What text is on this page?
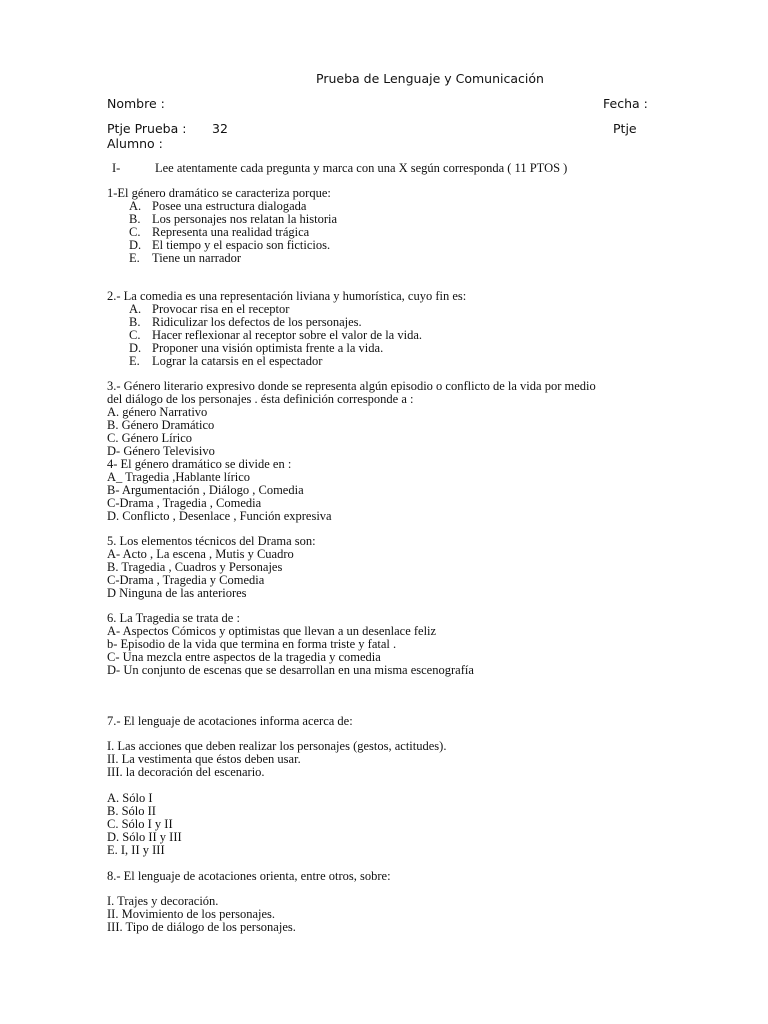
Prueba de Lenguaje y Comunicación
Nombre :	Fecha :
Ptje Prueba : 32	Ptje
Alumno :
I-	Lee atentamente cada pregunta y marca con una X según corresponda ( 11 PTOS )
1-El género dramático se caracteriza porque:
A. Posee una estructura dialogada
B. Los personajes nos relatan la historia
C. Representa una realidad trágica
D. El tiempo y el espacio son ficticios.
E. Tiene un narrador
2.- La comedia es una representación liviana y humorística, cuyo fin es:
A. Provocar risa en el receptor
B. Ridiculizar los defectos de los personajes.
C. Hacer reflexionar al receptor sobre el valor de la vida.
D. Proponer una visión optimista frente a la vida.
E. Lograr la catarsis en el espectador
3.- Género literario expresivo donde se representa algún episodio o conflicto de la vida por medio
del diálogo de los personajes . ésta definición corresponde a :
A. género Narrativo
B. Género Dramático
C. Género Lírico
D- Género Televisivo
4- El género dramático se divide en :
A_ Tragedia ,Hablante lírico
B- Argumentación , Diálogo , Comedia
C-Drama , Tragedia , Comedia
D. Conflicto , Desenlace , Función expresiva
5. Los elementos técnicos del Drama son:
A- Acto , La escena , Mutis y Cuadro
B. Tragedia , Cuadros y Personajes
C-Drama , Tragedia y Comedia
D Ninguna de las anteriores
6. La Tragedia se trata de :
A- Aspectos Cómicos y optimistas que llevan a un desenlace feliz
b- Episodio de la vida que termina en forma triste y fatal .
C- Una mezcla entre aspectos de la tragedia y comedia
D- Un conjunto de escenas que se desarrollan en una misma escenografía
7.- El lenguaje de acotaciones informa acerca de:
I. Las acciones que deben realizar los personajes (gestos, actitudes).
II. La vestimenta que éstos deben usar.
III. la decoración del escenario.
A. Sólo I
B. Sólo II
C. Sólo I y II
D. Sólo II y III
E. I, II y III
8.- El lenguaje de acotaciones orienta, entre otros, sobre:
I. Trajes y decoración.
II. Movimiento de los personajes.
III. Tipo de diálogo de los personajes.
